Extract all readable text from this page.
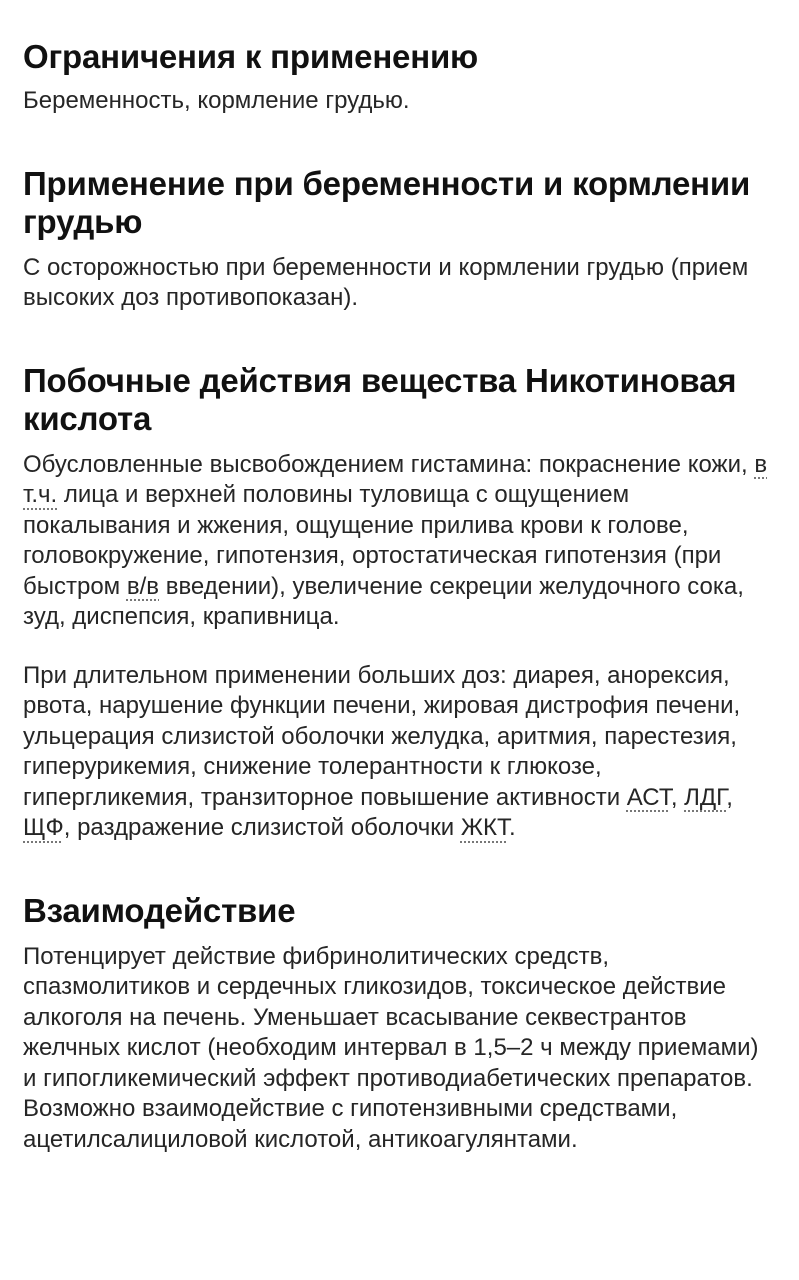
Ограничения к применению

Беременность, кормление грудью.

Применение при беременности и кормлении грудью

С осторожностью при беременности и кормлении грудью (прием высоких доз противопоказан).

Побочные действия вещества Никотиновая кислота

Обусловленные высвобождением гистамина: покраснение кожи, в т.ч. лица и верхней половины туловища с ощущением покалывания и жжения, ощущение прилива крови к голове, головокружение, гипотензия, ортостатическая гипотензия (при быстром в/в введении), увеличение секреции желудочного сока, зуд, диспепсия, крапивница.

При длительном применении больших доз: диарея, анорексия, рвота, нарушение функции печени, жировая дистрофия печени, ульцерация слизистой оболочки желудка, аритмия, парестезия, гиперурикемия, снижение толерантности к глюкозе, гипергликемия, транзиторное повышение активности АСТ, ЛДГ, ЩФ, раздражение слизистой оболочки ЖКТ.

Взаимодействие

Потенцирует действие фибринолитических средств, спазмолитиков и сердечных гликозидов, токсическое действие алкоголя на печень. Уменьшает всасывание секвестрантов желчных кислот (необходим интервал в 1,5–2 ч между приемами) и гипогликемический эффект противодиабетических препаратов. Возможно взаимодействие с гипотензивными средствами, ацетилсалициловой кислотой, антикоагулянтами.
